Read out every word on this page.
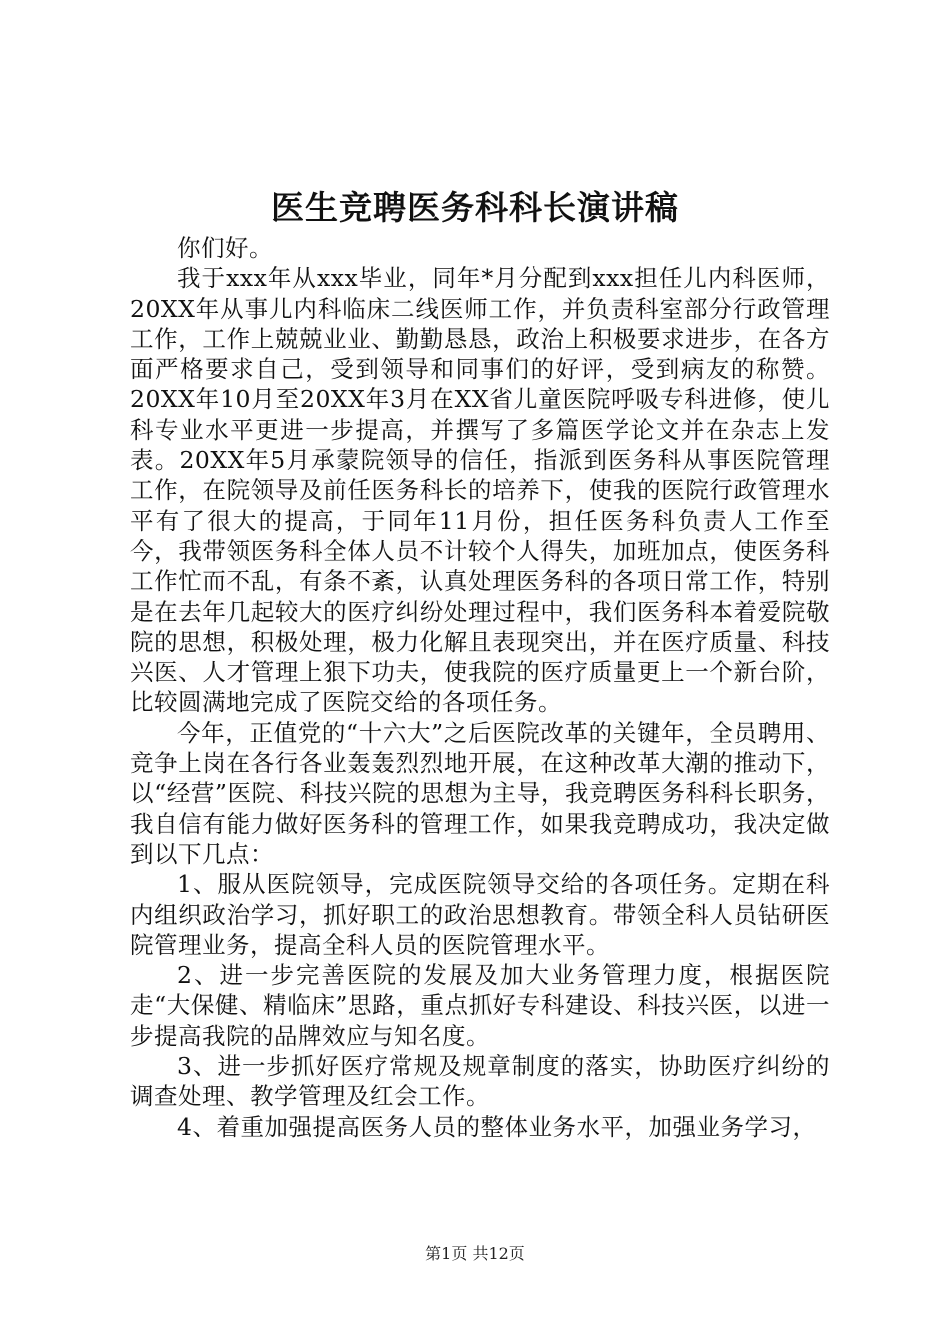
医生竞聘医务科科长演讲稿

你们好。

我于xxx年从xxx毕业，同年*月分配到xxx担任儿内科医师，20XX年从事儿内科临床二线医师工作，并负责科室部分行政管理工作，工作上兢兢业业、勤勤恳恳，政治上积极要求进步，在各方面严格要求自己，受到领导和同事们的好评，受到病友的称赞。20XX年10月至20XX年3月在XX省儿童医院呼吸专科进修，使儿科专业水平更进一步提高，并撰写了多篇医学论文并在杂志上发表。20XX年5月承蒙院领导的信任，指派到医务科从事医院管理工作，在院领导及前任医务科长的培养下，使我的医院行政管理水平有了很大的提高，于同年11月份，担任医务科负责人工作至今，我带领医务科全体人员不计较个人得失，加班加点，使医务科工作忙而不乱，有条不紊，认真处理医务科的各项日常工作，特别是在去年几起较大的医疗纠纷处理过程中，我们医务科本着爱院敬院的思想，积极处理，极力化解且表现突出，并在医疗质量、科技兴医、人才管理上狠下功夫，使我院的医疗质量更上一个新台阶，比较圆满地完成了医院交给的各项任务。

今年，正值党的“十六大”之后医院改革的关键年，全员聘用、竞争上岗在各行各业轰轰烈烈地开展，在这种改革大潮的推动下，以“经营”医院、科技兴院的思想为主导，我竞聘医务科科长职务，我自信有能力做好医务科的管理工作，如果我竞聘成功，我决定做到以下几点：

1、服从医院领导，完成医院领导交给的各项任务。定期在科内组织政治学习，抓好职工的政治思想教育。带领全科人员钻研医院管理业务，提高全科人员的医院管理水平。

2、进一步完善医院的发展及加大业务管理力度，根据医院走“大保健、精临床”思路，重点抓好专科建设、科技兴医，以进一步提高我院的品牌效应与知名度。

3、进一步抓好医疗常规及规章制度的落实，协助医疗纠纷的调查处理、教学管理及红会工作。

4、着重加强提高医务人员的整体业务水平，加强业务学习，

第1页 共12页
